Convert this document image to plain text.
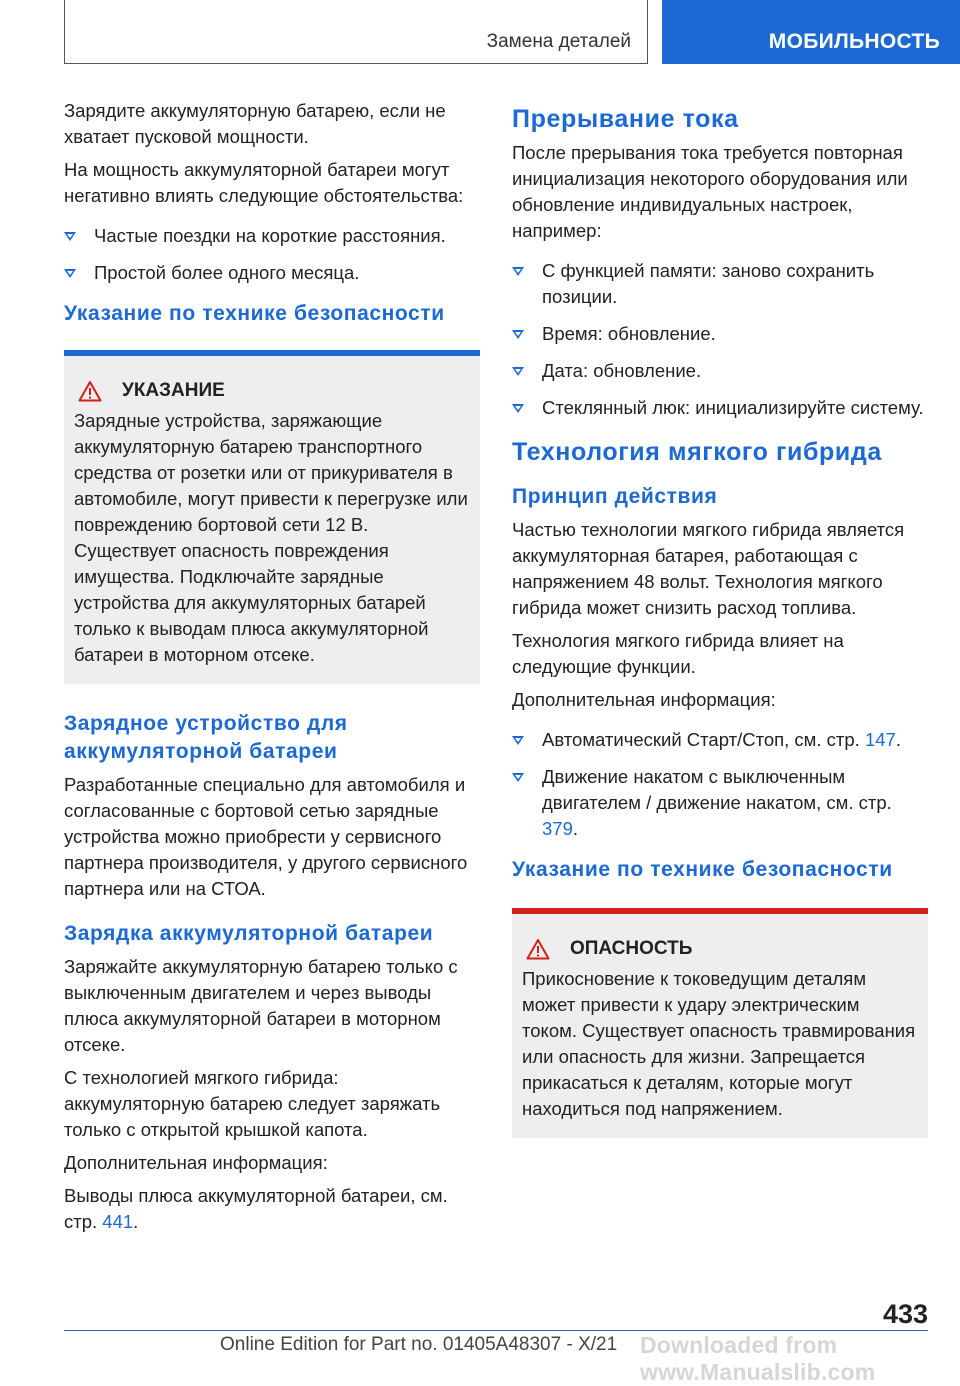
Замена деталей	МОБИЛЬНОСТЬ

Зарядите аккумуляторную батарею, если не хватает пусковой мощности.

На мощность аккумуляторной батареи могут негативно влиять следующие обстоятельства:

Частые поездки на короткие расстояния.
Простой более одного месяца.
Указание по технике безопасности
УКАЗАНИЕ

Зарядные устройства, заряжающие аккумуляторную батарею транспортного средства от розетки или от прикуривателя в автомобиле, могут привести к перегрузке или повреждению бортовой сети 12 В. Существует опасность повреждения имущества. Подключайте зарядные устройства для аккумуляторных батарей только к выводам плюса аккумуляторной батареи в моторном отсеке.

Зарядное устройство для аккумуляторной батареи

Разработанные специально для автомобиля и согласованные с бортовой сетью зарядные устройства можно приобрести у сервисного партнера производителя, у другого сервисного партнера или на СТОА.

Зарядка аккумуляторной батареи

Заряжайте аккумуляторную батарею только с выключенным двигателем и через выводы плюса аккумуляторной батареи в моторном отсеке.

С технологией мягкого гибрида: аккумуляторную батарею следует заряжать только с открытой крышкой капота.

Дополнительная информация:

Выводы плюса аккумуляторной батареи, см. стр. 441.

Прерывание тока

После прерывания тока требуется повторная инициализация некоторого оборудования или обновление индивидуальных настроек, например:

С функцией памяти: заново сохранить позиции.
Время: обновление.
Дата: обновление.
Стеклянный люк: инициализируйте систему.
Технология мягкого гибрида
Принцип действия

Частью технологии мягкого гибрида является аккумуляторная батарея, работающая с напряжением 48 вольт. Технология мягкого гибрида может снизить расход топлива.

Технология мягкого гибрида влияет на следующие функции.

Дополнительная информация:

Автоматический Старт/Стоп, см. стр. 147.
Движение накатом с выключенным двигателем / движение накатом, см. стр. 379.
Указание по технике безопасности
ОПАСНОСТЬ

Прикосновение к токоведущим деталям может привести к удару электрическим током. Существует опасность травмирования или опасность для жизни. Запрещается прикасаться к деталям, которые могут находиться под напряжением.

433
Online Edition for Part no. 01405A48307 - X/21 Downloaded from www.Manualslib.com
